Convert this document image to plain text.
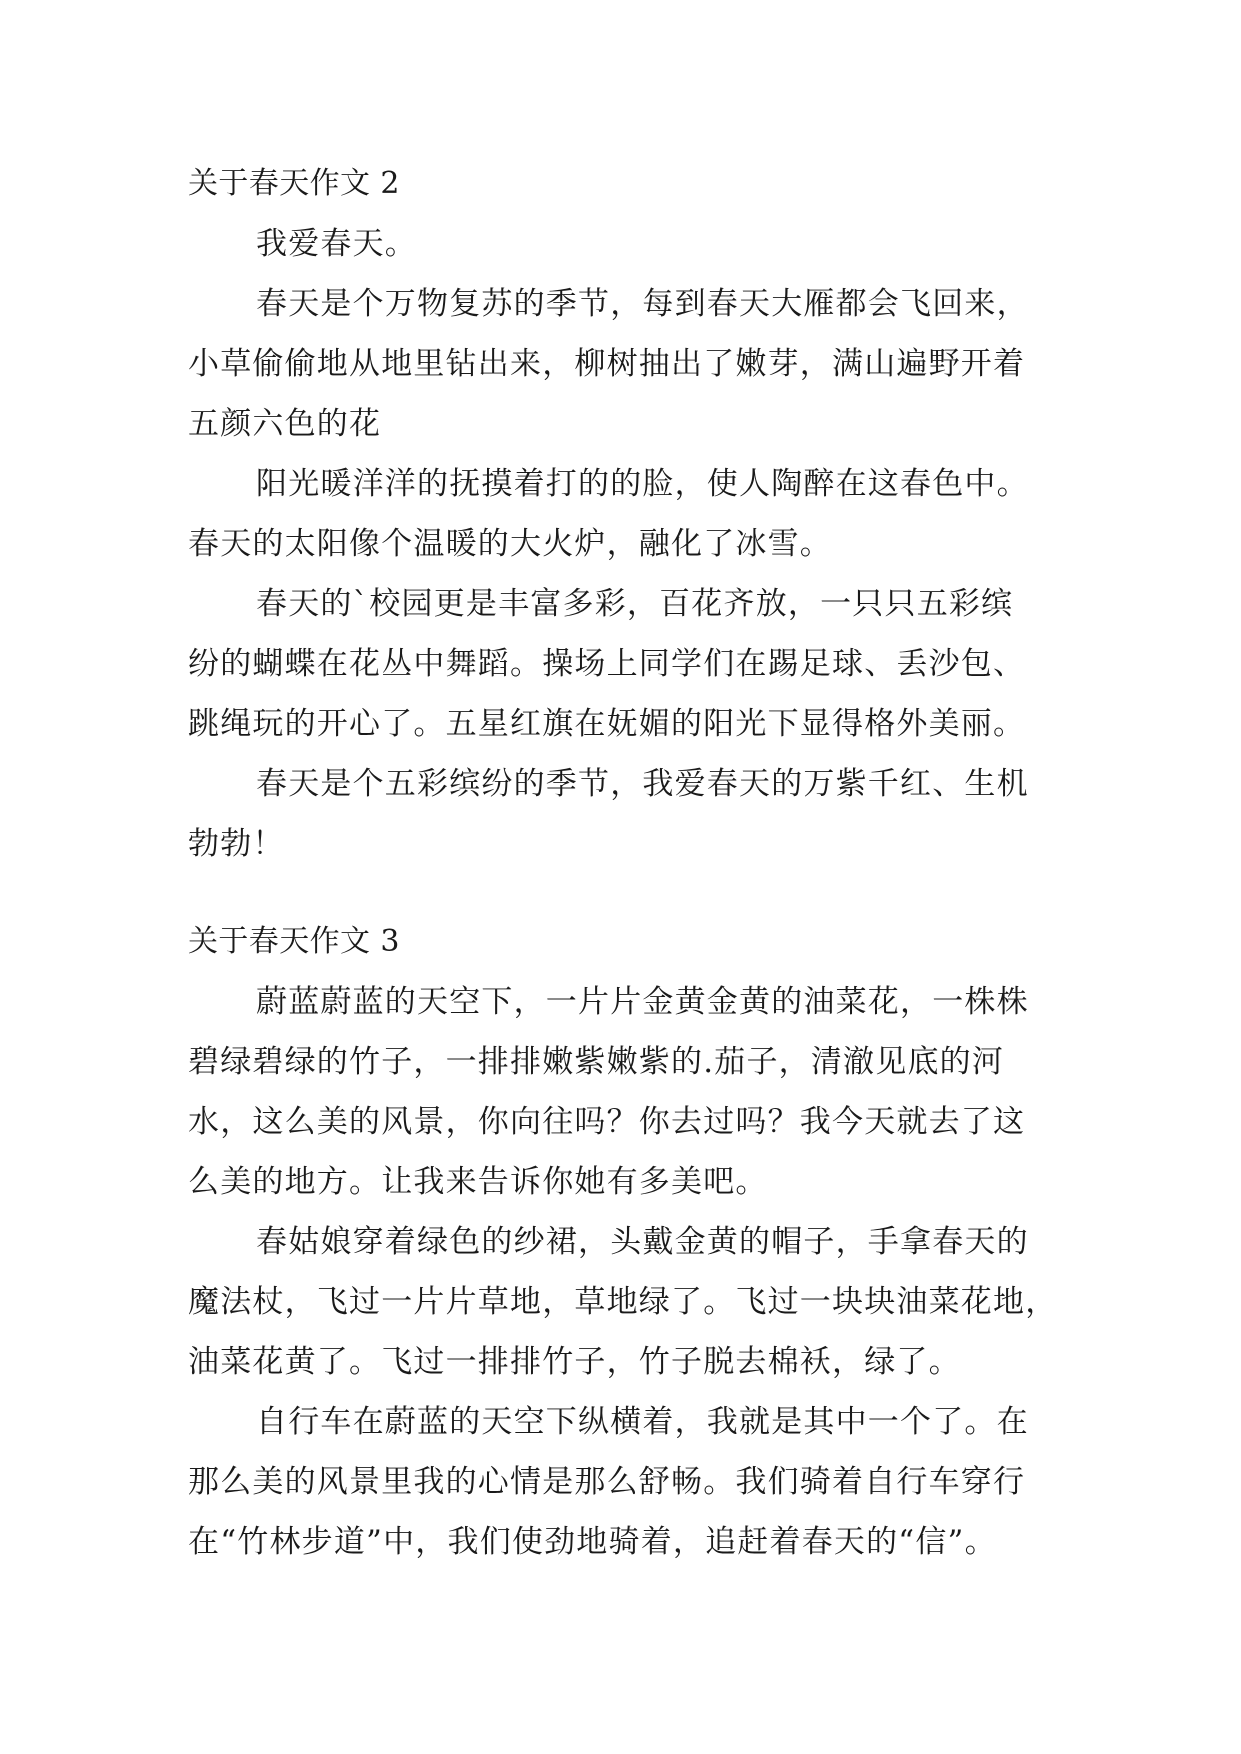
关于春天作文 2
我爱春天。
春天是个万物复苏的季节，每到春天大雁都会飞回来，
小草偷偷地从地里钻出来，柳树抽出了嫩芽，满山遍野开着
五颜六色的花
阳光暖洋洋的抚摸着打的的脸，使人陶醉在这春色中。
春天的太阳像个温暖的大火炉，融化了冰雪。
春天的`校园更是丰富多彩，百花齐放，一只只五彩缤
纷的蝴蝶在花丛中舞蹈。操场上同学们在踢足球、丢沙包、
跳绳玩的开心了。五星红旗在妩媚的阳光下显得格外美丽。
春天是个五彩缤纷的季节，我爱春天的万紫千红、生机
勃勃！
关于春天作文 3
蔚蓝蔚蓝的天空下，一片片金黄金黄的油菜花，一株株
碧绿碧绿的竹子，一排排嫩紫嫩紫的.茄子，清澈见底的河
水，这么美的风景，你向往吗？你去过吗？我今天就去了这
么美的地方。让我来告诉你她有多美吧。
春姑娘穿着绿色的纱裙，头戴金黄的帽子，手拿春天的
魔法杖，飞过一片片草地，草地绿了。飞过一块块油菜花地，
油菜花黄了。飞过一排排竹子，竹子脱去棉袄，绿了。
自行车在蔚蓝的天空下纵横着，我就是其中一个了。在
那么美的风景里我的心情是那么舒畅。我们骑着自行车穿行
在“竹林步道”中，我们使劲地骑着，追赶着春天的“信”。
